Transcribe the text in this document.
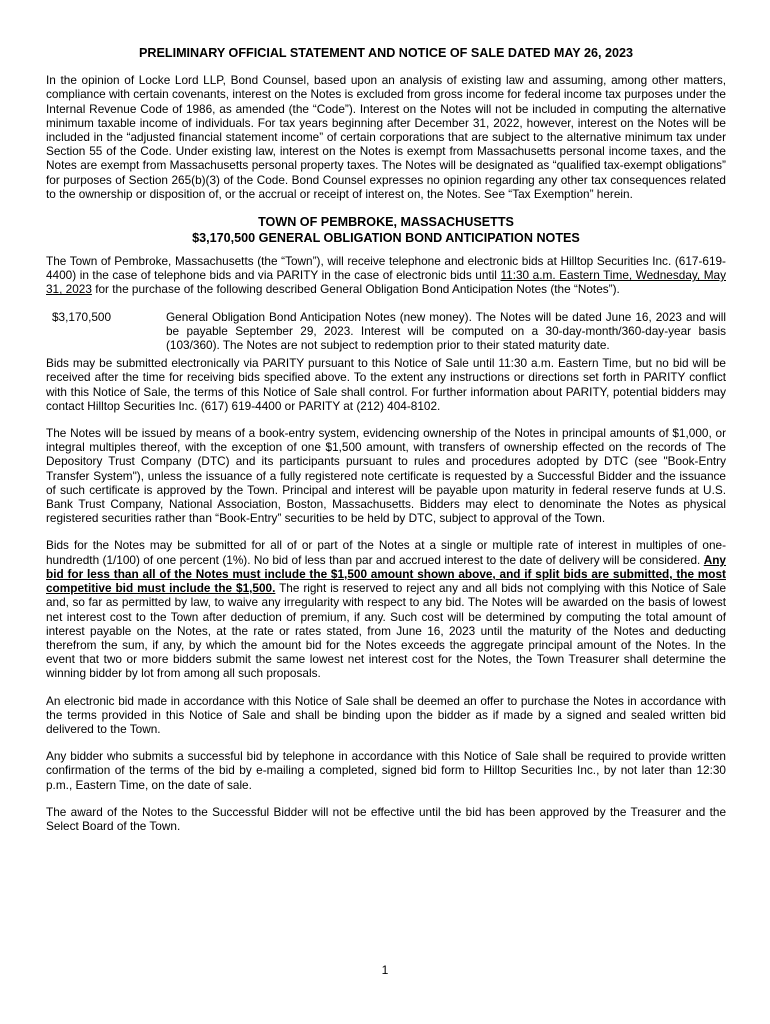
PRELIMINARY OFFICIAL STATEMENT AND NOTICE OF SALE DATED MAY 26, 2023

In the opinion of Locke Lord LLP, Bond Counsel, based upon an analysis of existing law and assuming, among other matters, compliance with certain covenants, interest on the Notes is excluded from gross income for federal income tax purposes under the Internal Revenue Code of 1986, as amended (the “Code”). Interest on the Notes will not be included in computing the alternative minimum taxable income of individuals. For tax years beginning after December 31, 2022, however, interest on the Notes will be included in the “adjusted financial statement income” of certain corporations that are subject to the alternative minimum tax under Section 55 of the Code. Under existing law, interest on the Notes is exempt from Massachusetts personal income taxes, and the Notes are exempt from Massachusetts personal property taxes. The Notes will be designated as “qualified tax-exempt obligations” for purposes of Section 265(b)(3) of the Code. Bond Counsel expresses no opinion regarding any other tax consequences related to the ownership or disposition of, or the accrual or receipt of interest on, the Notes. See “Tax Exemption” herein.

TOWN OF PEMBROKE, MASSACHUSETTS
$3,170,500 GENERAL OBLIGATION BOND ANTICIPATION NOTES

The Town of Pembroke, Massachusetts (the “Town”), will receive telephone and electronic bids at Hilltop Securities Inc. (617-619-4400) in the case of telephone bids and via PARITY in the case of electronic bids until 11:30 a.m. Eastern Time, Wednesday, May 31, 2023 for the purchase of the following described General Obligation Bond Anticipation Notes (the “Notes”).

$3,170,500	General Obligation Bond Anticipation Notes (new money). The Notes will be dated June 16, 2023 and will be payable September 29, 2023. Interest will be computed on a 30-day-month/360-day-year basis (103/360). The Notes are not subject to redemption prior to their stated maturity date.

Bids may be submitted electronically via PARITY pursuant to this Notice of Sale until 11:30 a.m. Eastern Time, but no bid will be received after the time for receiving bids specified above. To the extent any instructions or directions set forth in PARITY conflict with this Notice of Sale, the terms of this Notice of Sale shall control. For further information about PARITY, potential bidders may contact Hilltop Securities Inc. (617) 619-4400 or PARITY at (212) 404-8102.

The Notes will be issued by means of a book-entry system, evidencing ownership of the Notes in principal amounts of $1,000, or integral multiples thereof, with the exception of one $1,500 amount, with transfers of ownership effected on the records of The Depository Trust Company (DTC) and its participants pursuant to rules and procedures adopted by DTC (see "Book-Entry Transfer System"), unless the issuance of a fully registered note certificate is requested by a Successful Bidder and the issuance of such certificate is approved by the Town. Principal and interest will be payable upon maturity in federal reserve funds at U.S. Bank Trust Company, National Association, Boston, Massachusetts. Bidders may elect to denominate the Notes as physical registered securities rather than “Book-Entry” securities to be held by DTC, subject to approval of the Town.

Bids for the Notes may be submitted for all of or part of the Notes at a single or multiple rate of interest in multiples of one-hundredth (1/100) of one percent (1%). No bid of less than par and accrued interest to the date of delivery will be considered. Any bid for less than all of the Notes must include the $1,500 amount shown above, and if split bids are submitted, the most competitive bid must include the $1,500. The right is reserved to reject any and all bids not complying with this Notice of Sale and, so far as permitted by law, to waive any irregularity with respect to any bid. The Notes will be awarded on the basis of lowest net interest cost to the Town after deduction of premium, if any. Such cost will be determined by computing the total amount of interest payable on the Notes, at the rate or rates stated, from June 16, 2023 until the maturity of the Notes and deducting therefrom the sum, if any, by which the amount bid for the Notes exceeds the aggregate principal amount of the Notes. In the event that two or more bidders submit the same lowest net interest cost for the Notes, the Town Treasurer shall determine the winning bidder by lot from among all such proposals.

An electronic bid made in accordance with this Notice of Sale shall be deemed an offer to purchase the Notes in accordance with the terms provided in this Notice of Sale and shall be binding upon the bidder as if made by a signed and sealed written bid delivered to the Town.

Any bidder who submits a successful bid by telephone in accordance with this Notice of Sale shall be required to provide written confirmation of the terms of the bid by e-mailing a completed, signed bid form to Hilltop Securities Inc., by not later than 12:30 p.m., Eastern Time, on the date of sale.

The award of the Notes to the Successful Bidder will not be effective until the bid has been approved by the Treasurer and the Select Board of the Town.

1
